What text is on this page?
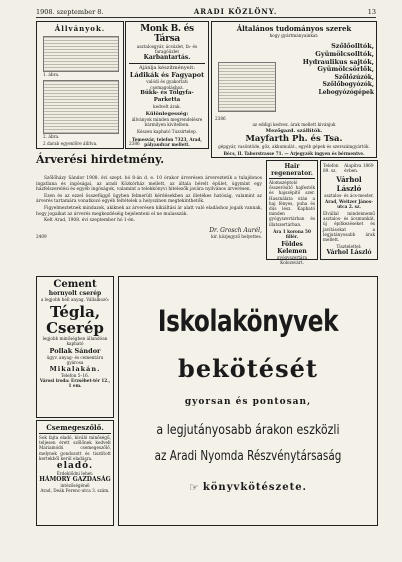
1908. szeptember 8.	ARADI KÖZLÖNY.	13
Állványok.
1. ábra.
2. ábra.
2 darab egyenlőre állítva.
Monk B. és Társa
asztalosgyár, ácsüzlet, fa- és faragóüzlet
Karbantartás.
Ajánlja készítményeit:
Ládikák és Fagyapot
valódi és gyakorlati csomagoláshoz.
Bükk- és Tölgyfa-Parketta
kedvelt árak.
Különlegesség:
állványok minden megrendelésre bármilyen kivitelben.
Készen kapható Tuzsírtelep.
Temesvár, telefon 7323, Arad, pályaudvar mellett.
2386
Általános tudományos szerek
hogy gyártmányainkat:
Szőlőolltók,
Gyümölcsolltók,
Hydraulikus sajtók,
Gyümölcsörlők,
Szőlőzúzók,
Szőlőbogyózók,
Lebogyózógépek
az eddigi kedvez. árak mellett kivánjuk
Mezőgazd. szállítók.
Mayfarth Ph. és Tsa.
gépgyár, vasöntöde, gőz, akkumulát., egyéb gépek és szerszámgyártók.
Bécs, II. Taborstrasse 71. — Árjegyzék ingyen és bérmentve.
2386
Árverési hirdetmény.

Szőlőházy Sándor 1908. évi szept. hó 8-án d. e. 10 órakor árverésen árvereztetik a tulajdonos ingatlana és ingóságai, az aradi Közkórház mellett, az általa bérelt épület, úgymint egy házfelszerelési és egyéb ingóságok, valamint a telekkönyvi hitelezők javára nyilvános árverésen.

Ezen és az ezzel összefüggő ügyben felmerült kérdésekben az illetékes hatóság, valamint az árverés tartamára vonatkozó egyéb feltételek a helyszínen megtekinthetők.

Figyelmeztetnek mindazok, akiknek az árverésen kikiáltási ár alatt való eladáshoz jogaik vannak, hogy jogaikat az árverés megkezdéséig bejelenteni el ne mulasszák.

Kelt Arad, 1908. évi szeptember hó 1-én.

Dr. Grosch Aurél,
kir. közjegyző helyettes.
2409
Hair regenerator.
Álomszéptoló ősszerösítő hajfesték és hajszépítő szer. Használata után a haj fényes, puha és dús lesz. Kapható minden gyógyszertárban és illatszertárban.
Ára 1 korona 50 fillér.
Földes Kelemen
gyógyszertára Kolozsvárt.
Telefon 89. sz.
Alapítva 1869 évben.
Várhol László
asztalos- és ács-mester,
Arad, Weitzer János-utca 2. sz.
Elvállal mindennemű asztalos- és ácsmunkát, új építkezéseket és javításokat a legjutányosabb árak mellett.
Tisztelettel:
Várhol László
Cement
hornyolt cserép
a legjobb hell anyag. Vállalkozó:
Tégla,
Cserép
legjobb minőségben állandóan kapható
Pollak Sándor
ügyv. anyag- és cementáru gyárosa
Mikalakán.
Telefon 5–16.
Városi iroda: Erzsébet-tér 12., 1 em.
Csemegeszőlő.
Sok fajta eladó, kiváló minőségű, teljesen érett szőlőnek kedvelt Mariamódú csemegeszőlő, melynek gondozott és tisztított kertekből kerül eladásra.
eladó.
Érdeklődni lehet:
HÁMORY GAZDASÁG
intézőségénél
Arad, Deák Ferenc-utca 3. szám.
Iskolakönyvek
bekötését
gyorsan és pontosan,
a legjutányosabb árakon eszközli
az Aradi Nyomda Részvénytársaság
☞ könyvkötészete.
